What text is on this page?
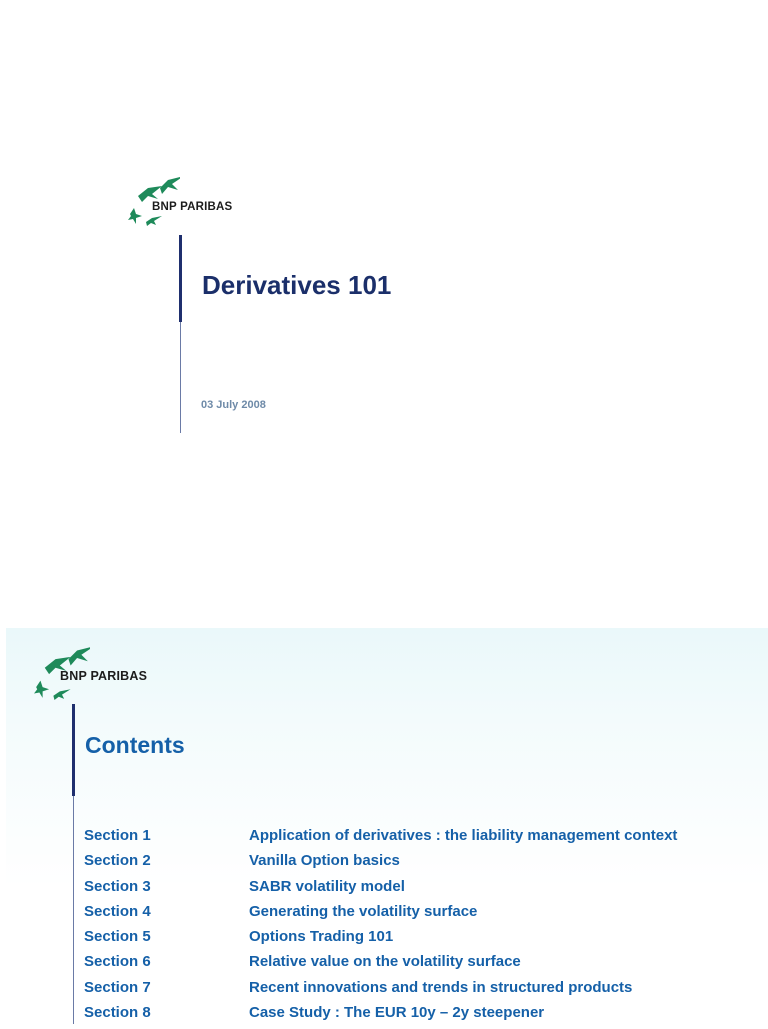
BNP PARIBAS
Derivatives 101
03 July 2008
BNP PARIBAS
Contents
Section 1	Application of derivatives : the liability management context
Section 2	Vanilla Option basics
Section 3	SABR volatility model
Section 4	Generating the volatility surface
Section 5	Options Trading 101
Section 6	Relative value on the volatility surface
Section 7	Recent innovations and trends in structured products
Section 8	Case Study : The EUR 10y – 2y steepener
